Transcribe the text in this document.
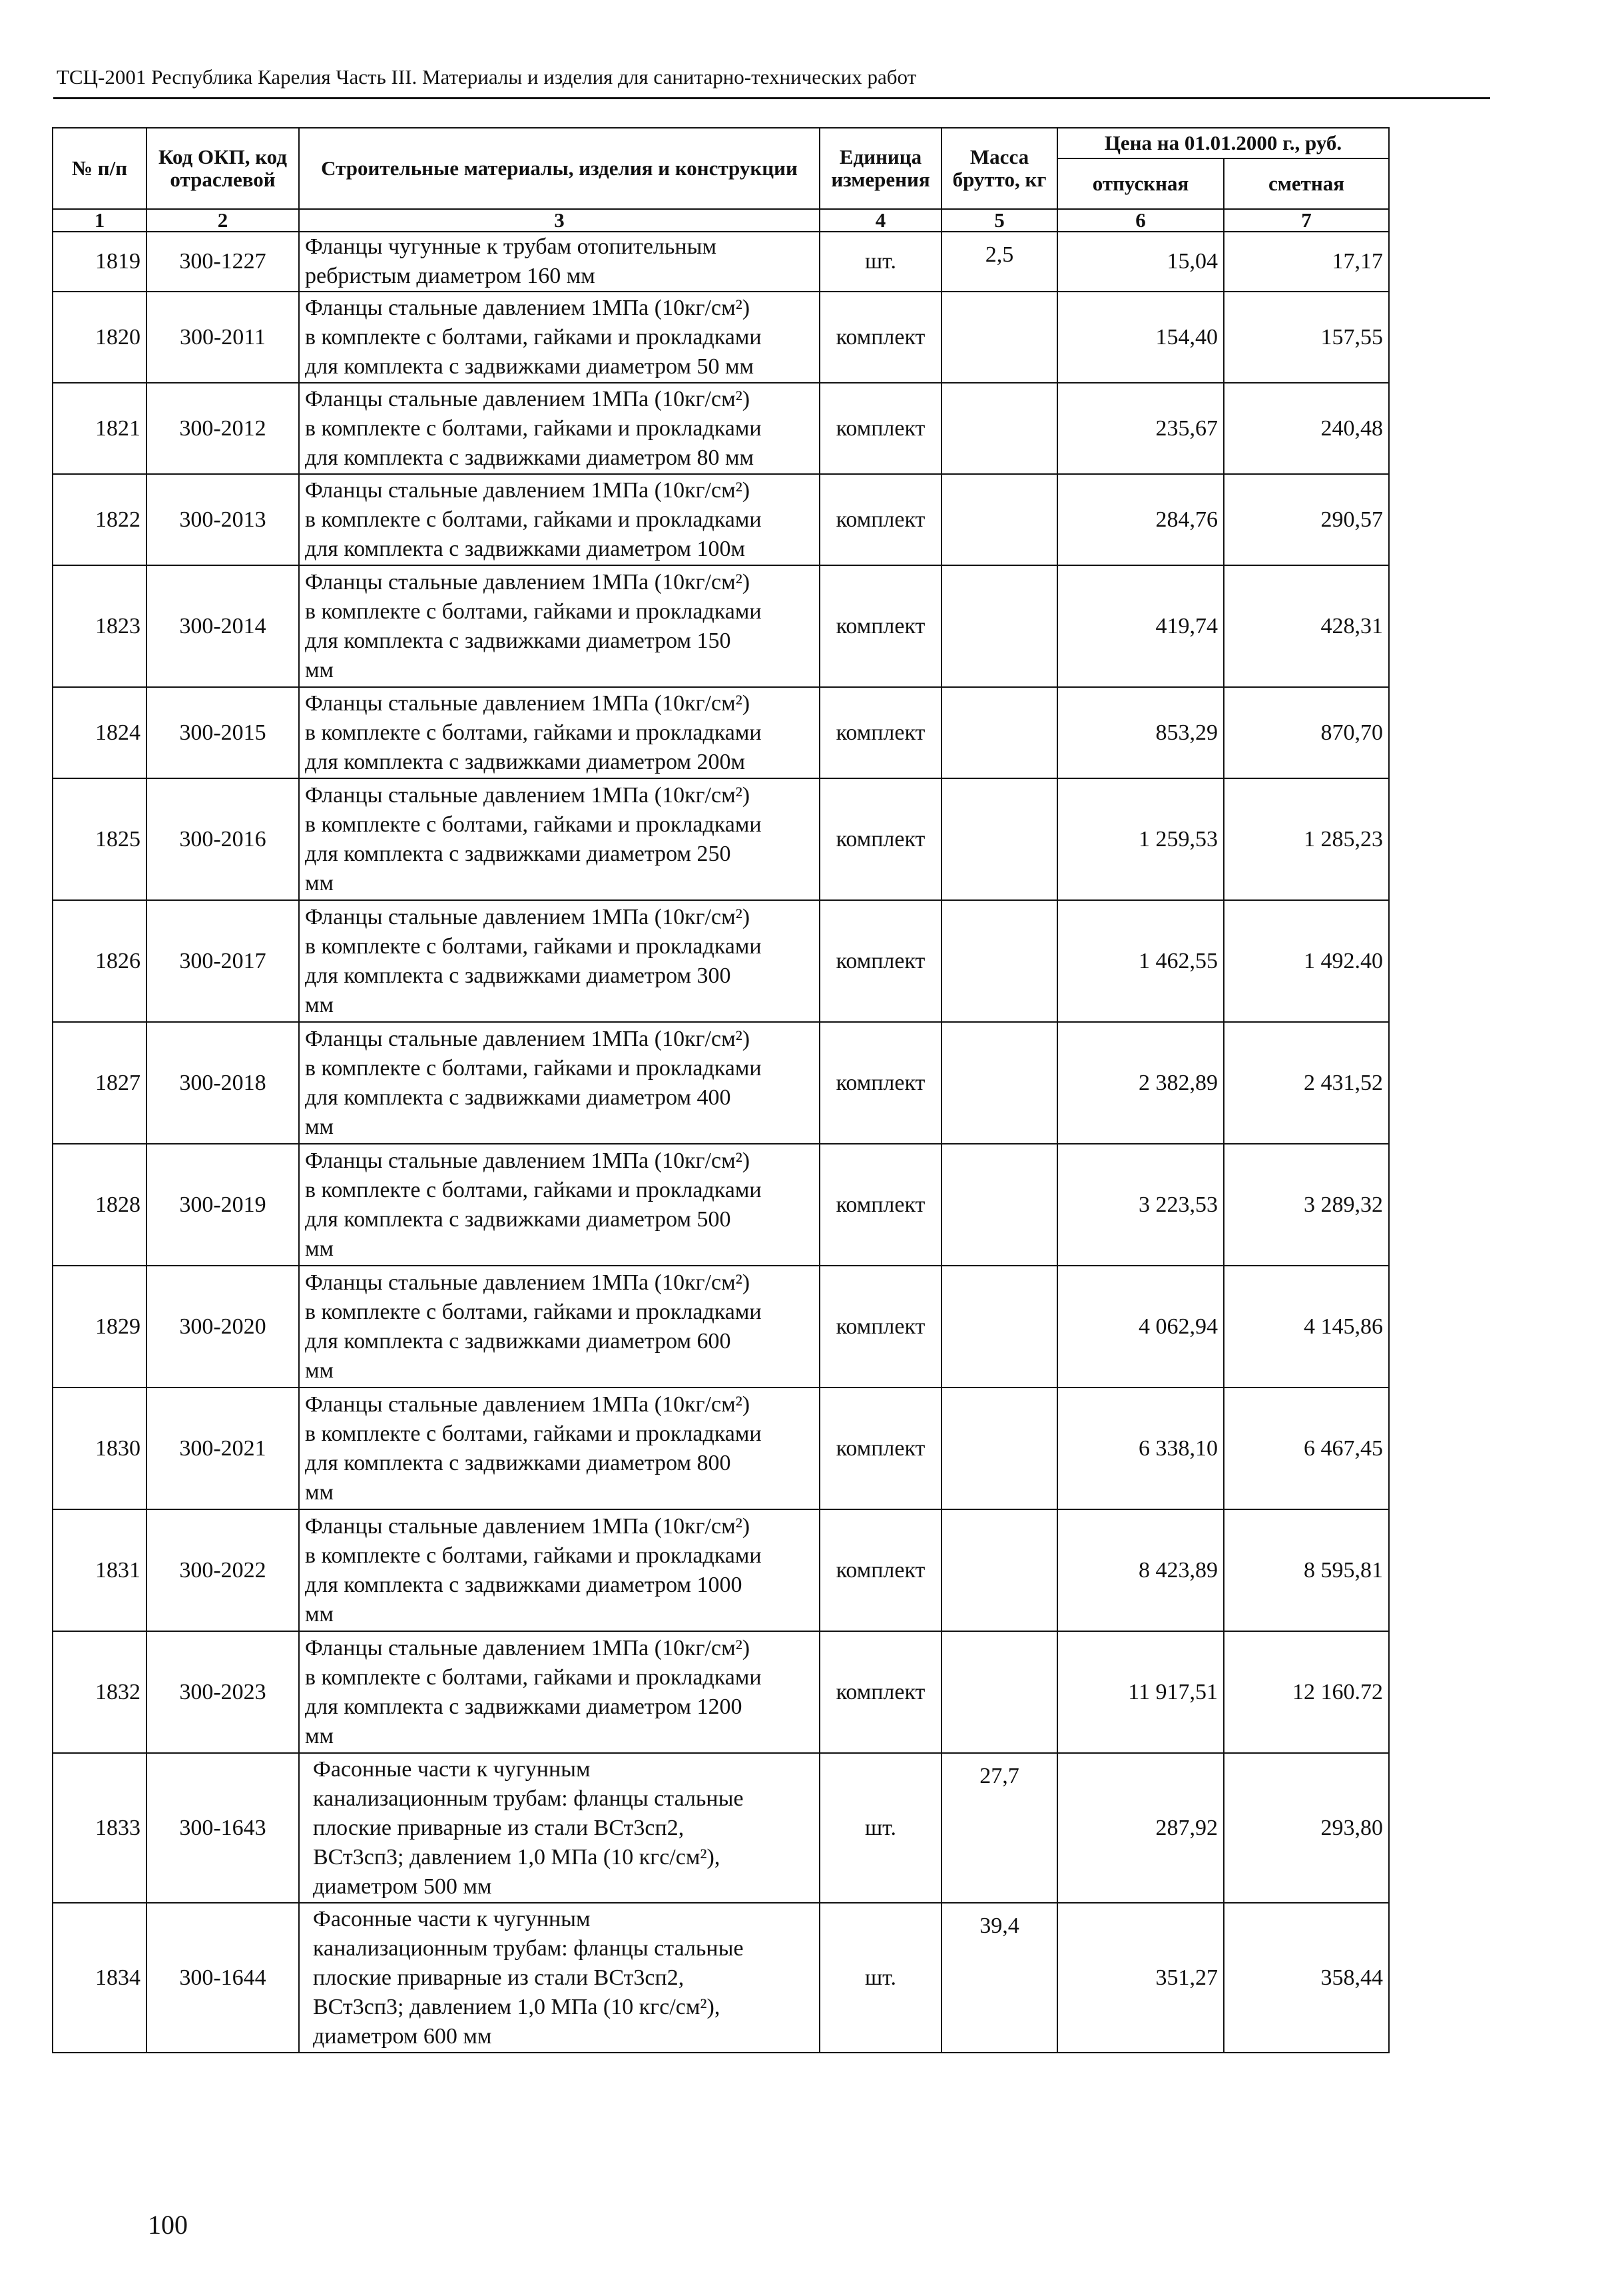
ТСЦ-2001 Республика Карелия Часть III. Материалы и изделия для санитарно-технических работ
№ п/п	Код ОКП, код отраслевой	Строительные материалы, изделия и конструкции	Единица измерения	Масса брутто, кг	Цена на 01.01.2000 г., руб.	
					отпускная	сметная
1	2	3	4	5	6	7
1819	300-1227	Фланцы чугунные к трубам отопительным
ребристым диаметром 160 мм	шт.	2,5	15,04	17,17
1820	300-2011	Фланцы стальные давлением 1МПа (10кг/см²)
в комплекте с болтами, гайками и прокладками
для комплекта с задвижками диаметром 50 мм	комплект		154,40	157,55
1821	300-2012	Фланцы стальные давлением 1МПа (10кг/см²)
в комплекте с болтами, гайками и прокладками
для комплекта с задвижками диаметром 80 мм	комплект		235,67	240,48
1822	300-2013	Фланцы стальные давлением 1МПа (10кг/см²)
в комплекте с болтами, гайками и прокладками
для комплекта с задвижками диаметром 100м	комплект		284,76	290,57
1823	300-2014	Фланцы стальные давлением 1МПа (10кг/см²)
в комплекте с болтами, гайками и прокладками
для комплекта с задвижками диаметром 150
мм	комплект		419,74	428,31
1824	300-2015	Фланцы стальные давлением 1МПа (10кг/см²)
в комплекте с болтами, гайками и прокладками
для комплекта с задвижками диаметром 200м	комплект		853,29	870,70
1825	300-2016	Фланцы стальные давлением 1МПа (10кг/см²)
в комплекте с болтами, гайками и прокладками
для комплекта с задвижками диаметром 250
мм	комплект		1 259,53	1 285,23
1826	300-2017	Фланцы стальные давлением 1МПа (10кг/см²)
в комплекте с болтами, гайками и прокладками
для комплекта с задвижками диаметром 300
мм	комплект		1 462,55	1 492.40
1827	300-2018	Фланцы стальные давлением 1МПа (10кг/см²)
в комплекте с болтами, гайками и прокладками
для комплекта с задвижками диаметром 400
мм	комплект		2 382,89	2 431,52
1828	300-2019	Фланцы стальные давлением 1МПа (10кг/см²)
в комплекте с болтами, гайками и прокладками
для комплекта с задвижками диаметром 500
мм	комплект		3 223,53	3 289,32
1829	300-2020	Фланцы стальные давлением 1МПа (10кг/см²)
в комплекте с болтами, гайками и прокладками
для комплекта с задвижками диаметром 600
мм	комплект		4 062,94	4 145,86
1830	300-2021	Фланцы стальные давлением 1МПа (10кг/см²)
в комплекте с болтами, гайками и прокладками
для комплекта с задвижками диаметром 800
мм	комплект		6 338,10	6 467,45
1831	300-2022	Фланцы стальные давлением 1МПа (10кг/см²)
в комплекте с болтами, гайками и прокладками
для комплекта с задвижками диаметром 1000
мм	комплект		8 423,89	8 595,81
1832	300-2023	Фланцы стальные давлением 1МПа (10кг/см²)
в комплекте с болтами, гайками и прокладками
для комплекта с задвижками диаметром 1200
мм	комплект		11 917,51	12 160.72
1833	300-1643	Фасонные части к чугунным
канализационным трубам: фланцы стальные
плоские приварные из стали ВСт3сп2,
ВСт3сп3; давлением 1,0 МПа (10 кгс/см²),
диаметром 500 мм	шт.	27,7	287,92	293,80
1834	300-1644	Фасонные части к чугунным
канализационным трубам: фланцы стальные
плоские приварные из стали ВСт3сп2,
ВСт3сп3; давлением 1,0 МПа (10 кгс/см²),
диаметром 600 мм	шт.	39,4	351,27	358,44
100
